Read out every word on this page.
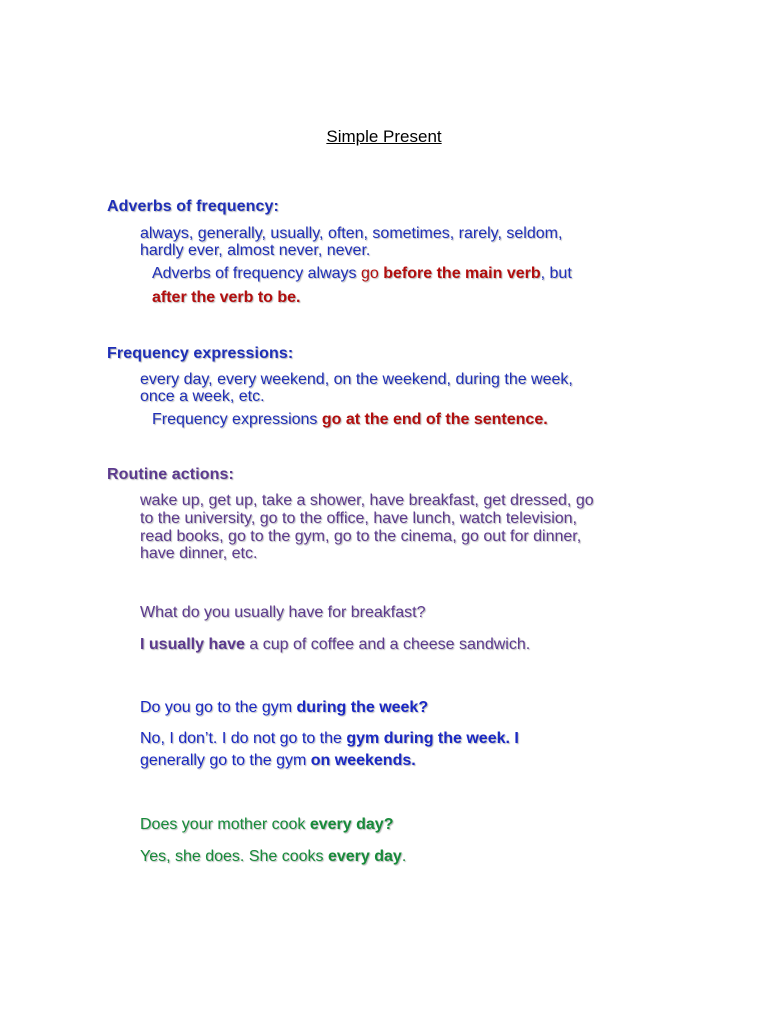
Simple Present
Adverbs of frequency:
always, generally, usually, often, sometimes, rarely, seldom,
hardly ever, almost never, never.
Adverbs of frequency always go before the main verb, but
after the verb to be.
Frequency expressions:
every day, every weekend, on the weekend, during the week,
once a week, etc.
Frequency expressions go at the end of the sentence.
Routine actions:
wake up, get up, take a shower, have breakfast, get dressed, go
to the university, go to the office, have lunch, watch television,
read books, go to the gym, go to the cinema, go out for dinner,
have dinner, etc.
What do you usually have for breakfast?
I usually have a cup of coffee and a cheese sandwich.
Do you go to the gym during the week?
No, I don’t. I do not go to the gym during the week. I
generally go to the gym on weekends.
Does your mother cook every day?
Yes, she does. She cooks every day.
